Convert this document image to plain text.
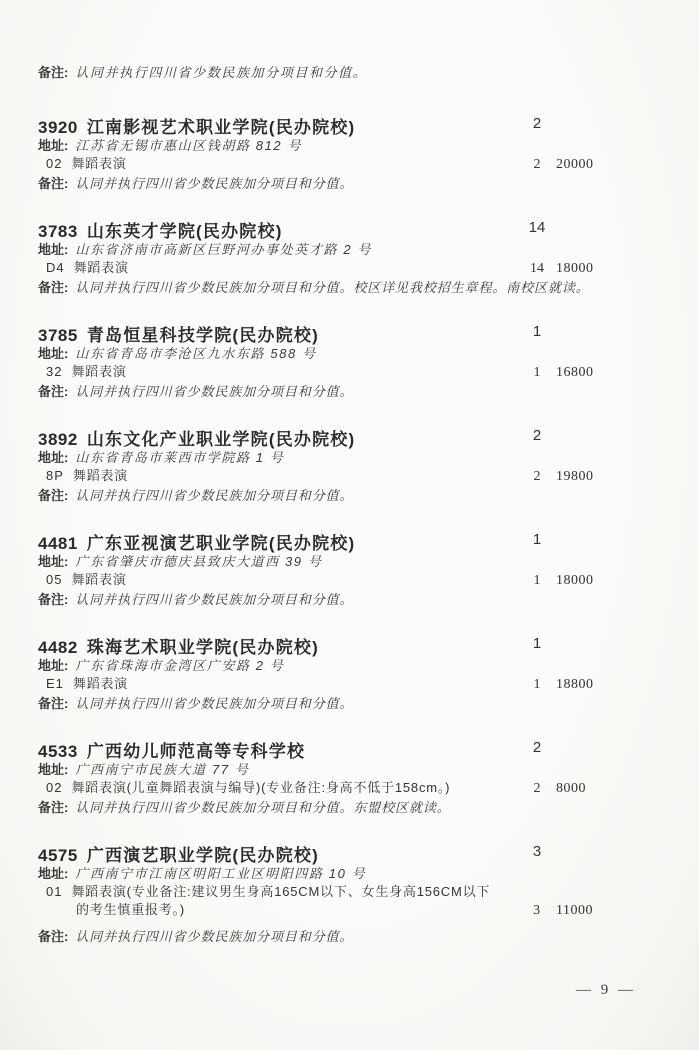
备注: 认同并执行四川省少数民族加分项目和分值。
3920 江南影视艺术职业学院(民办院校)	2
地址: 江苏省无锡市惠山区钱胡路 812 号
02 舞蹈表演	2	20000
备注: 认同并执行四川省少数民族加分项目和分值。
3783 山东英才学院(民办院校)	14
地址: 山东省济南市高新区巨野河办事处英才路 2 号
D4 舞蹈表演	14 18000
备注: 认同并执行四川省少数民族加分项目和分值。校区详见我校招生章程。南校区就读。
3785 青岛恒星科技学院(民办院校)	1
地址: 山东省青岛市李沧区九水东路 588 号
32 舞蹈表演	1	16800
备注: 认同并执行四川省少数民族加分项目和分值。
3892 山东文化产业职业学院(民办院校)	2
地址: 山东省青岛市莱西市学院路 1 号
8P 舞蹈表演	2	19800
备注: 认同并执行四川省少数民族加分项目和分值。
4481 广东亚视演艺职业学院(民办院校)	1
地址: 广东省肇庆市德庆县致庆大道西 39 号
05 舞蹈表演	1	18000
备注: 认同并执行四川省少数民族加分项目和分值。
4482 珠海艺术职业学院(民办院校)	1
地址: 广东省珠海市金湾区广安路 2 号
E1 舞蹈表演	1	18800
备注: 认同并执行四川省少数民族加分项目和分值。
4533 广西幼儿师范高等专科学校	2
地址: 广西南宁市民族大道 77 号
02 舞蹈表演(儿童舞蹈表演与编导)(专业备注:身高不低于158cm。)	2	8000
备注: 认同并执行四川省少数民族加分项目和分值。东盟校区就读。
4575 广西演艺职业学院(民办院校)	3
地址: 广西南宁市江南区明阳工业区明阳四路 10 号
01 舞蹈表演(专业备注:建议男生身高165CM以下、女生身高156CM以下
的考生慎重报考。)	3	11000
备注: 认同并执行四川省少数民族加分项目和分值。
— 9 —
